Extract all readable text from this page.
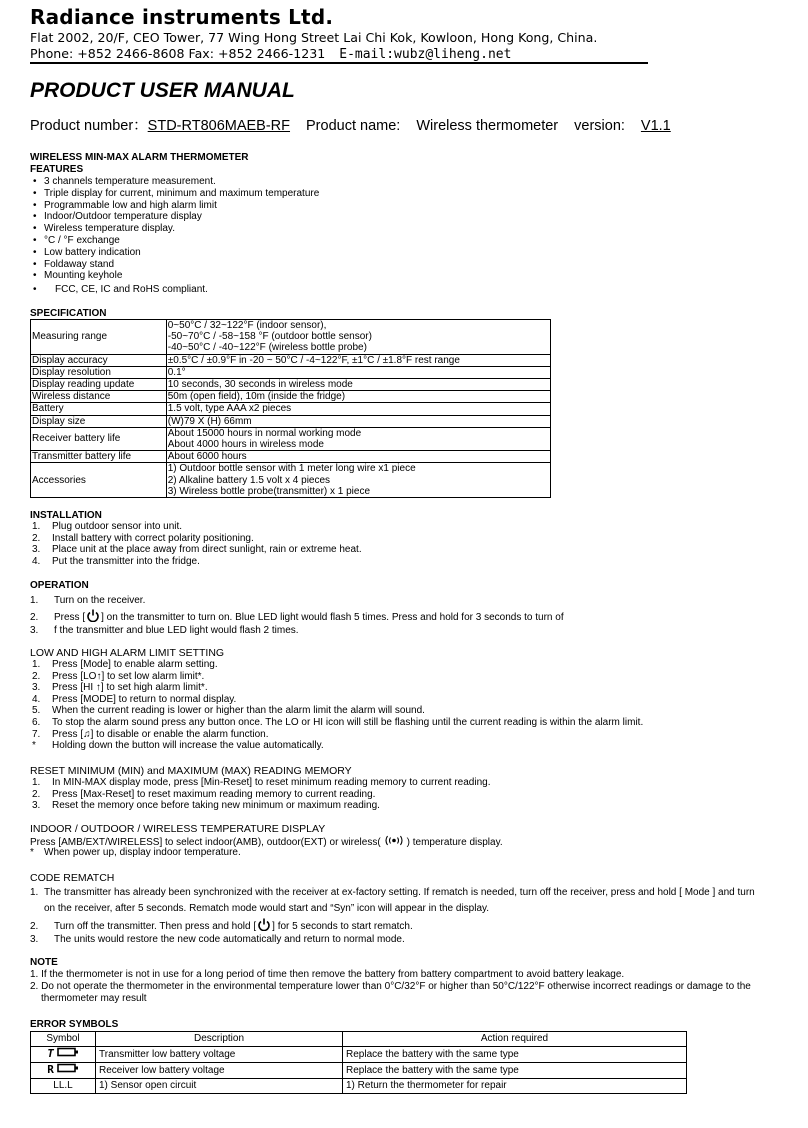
Radiance instruments Ltd.
Flat 2002, 20/F, CEO Tower, 77 Wing Hong Street Lai Chi Kok, Kowloon, Hong Kong, China.
Phone: +852 2466-8608 Fax: +852 2466-1231 E-mail:wubz@liheng.net
PRODUCT USER MANUAL
Product number：STD-RT806MAEB-RF Product name: Wireless thermometer version: V1.1
WIRELESS MIN-MAX ALARM THERMOMETER
FEATURES
• 3 channels temperature measurement.
• Triple display for current, minimum and maximum temperature
• Programmable low and high alarm limit
• Indoor/Outdoor temperature display
• Wireless temperature display.
• °C / °F exchange
• Low battery indication
• Foldaway stand
• Mounting keyhole
• FCC, CE, IC and RoHS compliant.
SPECIFICATION
Measuring range	0~50°C / 32~122°F (indoor sensor),
-50~70°C / -58~158 °F (outdoor bottle sensor)
-40~50°C / -40~122°F (wireless bottle probe)

Display accuracy	±0.5°C / ±0.9°F in -20 ~ 50°C / -4~122°F, ±1°C / ±1.8°F rest range

Display resolution	0.1°

Display reading update	10 seconds, 30 seconds in wireless mode

Wireless distance	50m (open field), 10m (inside the fridge)

Battery	1.5 volt, type AAA x2 pieces

Display size	(W)79 X (H) 66mm

Receiver battery life	About 15000 hours in normal working mode
About 4000 hours in wireless mode

Transmitter battery life	About 6000 hours

Accessories	1) Outdoor bottle sensor with 1 meter long wire x1 piece
2) Alkaline battery 1.5 volt x 4 pieces
3) Wireless bottle probe(transmitter) x 1 piece
INSTALLATION
1. Plug outdoor sensor into unit.
2. Install battery with correct polarity positioning.
3. Place unit at the place away from direct sunlight, rain or extreme heat.
4. Put the transmitter into the fridge.
OPERATION
1. Turn on the receiver.
2. Press [ ] on the transmitter to turn on. Blue LED light would flash 5 times. Press and hold for 3 seconds to turn of
3. f the transmitter and blue LED light would flash 2 times.
LOW AND HIGH ALARM LIMIT SETTING
1. Press [Mode] to enable alarm setting.
2. Press [LO↑] to set low alarm limit*.
3. Press [HI ↑] to set high alarm limit*.
4. Press [MODE] to return to normal display.
5. When the current reading is lower or higher than the alarm limit the alarm will sound.
6. To stop the alarm sound press any button once. The LO or HI icon will still be flashing until the current reading is within the alarm limit.
7. Press [♫] to disable or enable the alarm function.
* Holding down the button will increase the value automatically.
RESET MINIMUM (MIN) and MAXIMUM (MAX) READING MEMORY
1. In MIN-MAX display mode, press [Min-Reset] to reset minimum reading memory to current reading.
2. Press [Max-Reset] to reset maximum reading memory to current reading.
3. Reset the memory once before taking new minimum or maximum reading.
INDOOR / OUTDOOR / WIRELESS TEMPERATURE DISPLAY
Press [AMB/EXT/WIRELESS] to select indoor(AMB), outdoor(EXT) or wireless(	) temperature display.
* When power up, display indoor temperature.
CODE REMATCH
1. The transmitter has already been synchronized with the receiver at ex-factory setting. If rematch is needed, turn off the receiver, press and hold [ Mode ] and turn
on the receiver, after 5 seconds. Rematch mode would start and “Syn” icon will appear in the display.
2. Turn off the transmitter. Then press and hold [ ] for 5 seconds to start rematch.
3. The units would restore the new code automatically and return to normal mode.
NOTE
1. If the thermometer is not in use for a long period of time then remove the battery from battery compartment to avoid battery leakage.
2. Do not operate the thermometer in the environmental temperature lower than 0°C/32°F or higher than 50°C/122°F otherwise incorrect readings or damage to the
thermometer may result
ERROR SYMBOLS
Symbol	Description	Action required
T	Transmitter low battery voltage	Replace the battery with the same type
R	Receiver low battery voltage	Replace the battery with the same type
LL.L	1) Sensor open circuit	1) Return the thermometer for repair
